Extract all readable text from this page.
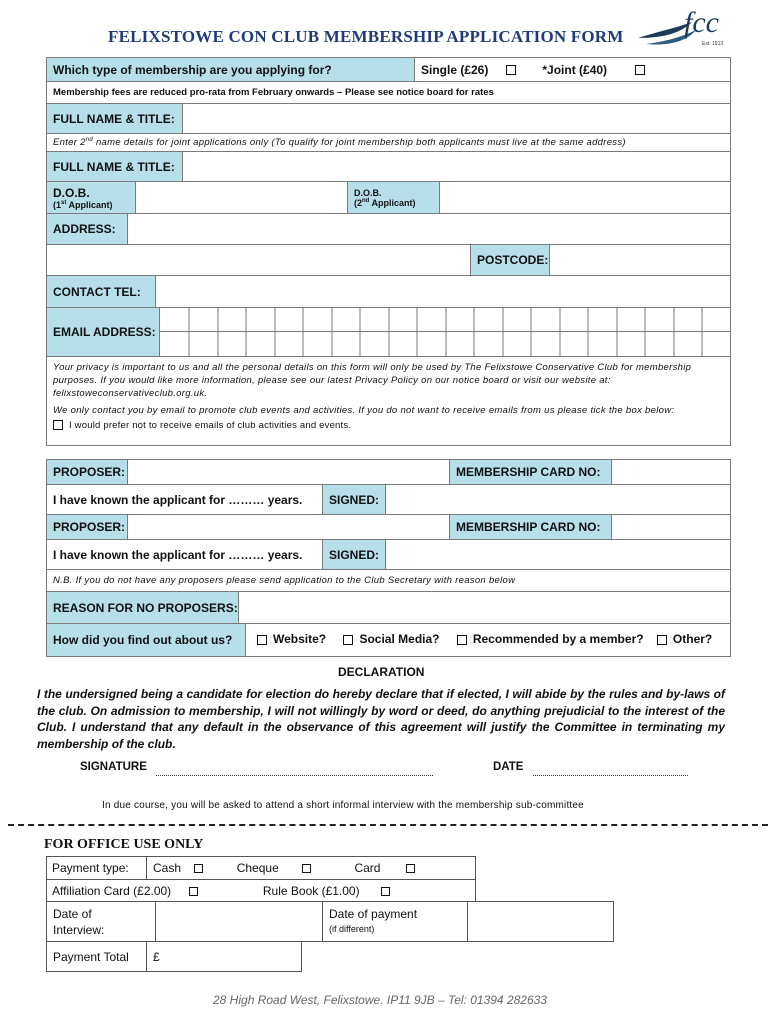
FELIXSTOWE CON CLUB MEMBERSHIP APPLICATION FORM fcc
Est. 1913
Which type of membership are you applying for?	Single (£26)	*Joint (£40)
Membership fees are reduced pro-rata from February onwards – Please see notice board for rates
FULL NAME & TITLE:
Enter 2nd name details for joint applications only (To qualify for joint membership both applicants must live at the same address)
FULL NAME & TITLE:
D.O.B.
(1st Applicant)
D.O.B.
(2nd Applicant)
ADDRESS:
POSTCODE:
CONTACT TEL:
EMAIL ADDRESS:
Your privacy is important to us and all the personal details on this form will only be used by The Felixstowe Conservative Club for membership purposes. If you would like more information, please see our latest Privacy Policy on our notice board or visit our website at: felixstoweconservativeclub.org.uk.
We only contact you by email to promote club events and activities. If you do not want to receive emails from us please tick the box below:
I would prefer not to receive emails of club activities and events.
PROPOSER:	MEMBERSHIP CARD NO:
I have known the applicant for ……… years. SIGNED:
PROPOSER:	MEMBERSHIP CARD NO:
I have known the applicant for ……… years. SIGNED:
N.B. If you do not have any proposers please send application to the Club Secretary with reason below
REASON FOR NO PROPOSERS:
How did you find out about us?	Website?	Social Media?	Recommended by a member? Other?
DECLARATION
I the undersigned being a candidate for election do hereby declare that if elected, I will abide by the rules and by-laws of the club. On admission to membership, I will not willingly by word or deed, do anything prejudicial to the interest of the Club. I understand that any default in the observance of this agreement will justify the Committee in terminating my membership of the club.
SIGNATURE	DATE
In due course, you will be asked to attend a short informal interview with the membership sub-committee
FOR OFFICE USE ONLY
Payment type: Cash	Cheque	Card
Affiliation Card (£2.00)	Rule Book (£1.00)
Date of
Interview:
Date of payment
(if different)
Payment Total £
28 High Road West, Felixstowe. IP11 9JB – Tel: 01394 282633
